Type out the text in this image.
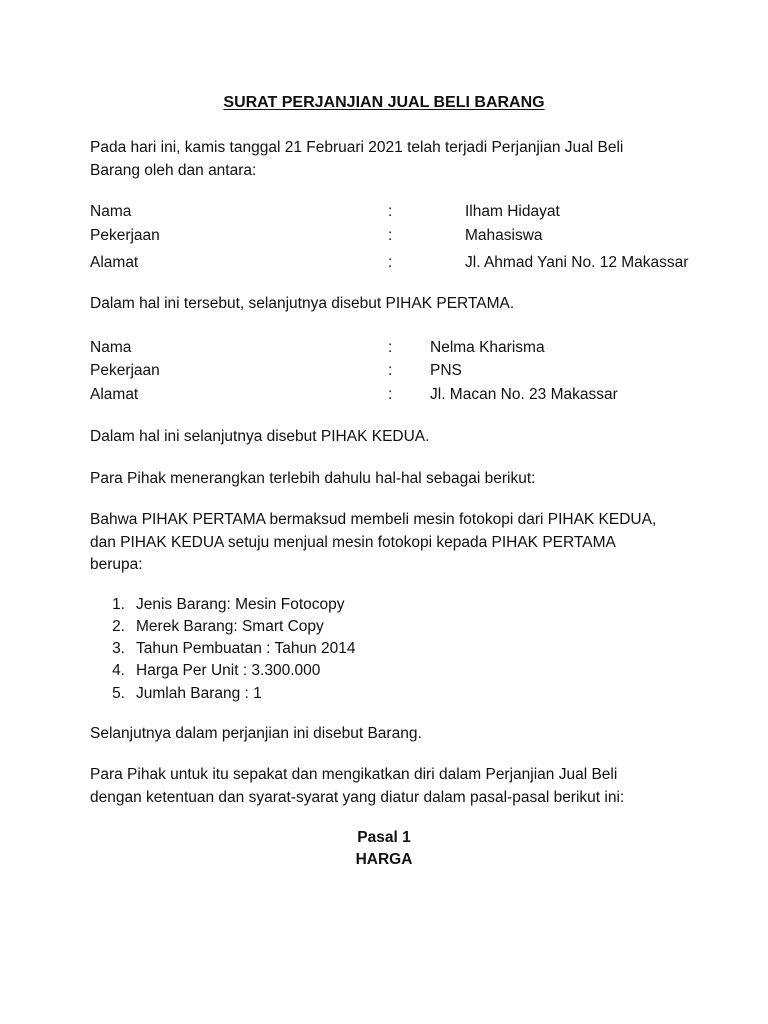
SURAT PERJANJIAN JUAL BELI BARANG
Pada hari ini, kamis tanggal 21 Februari 2021 telah terjadi Perjanjian Jual Beli
Barang oleh dan antara:
Nama	:	Ilham Hidayat
Pekerjaan	:	Mahasiswa
Alamat	:	Jl. Ahmad Yani No. 12 Makassar
Dalam hal ini tersebut, selanjutnya disebut PIHAK PERTAMA.
Nama	: Nelma Kharisma
Pekerjaan	: PNS
Alamat	: Jl. Macan No. 23 Makassar
Dalam hal ini selanjutnya disebut PIHAK KEDUA.
Para Pihak menerangkan terlebih dahulu hal-hal sebagai berikut:
Bahwa PIHAK PERTAMA bermaksud membeli mesin fotokopi dari PIHAK KEDUA,
dan PIHAK KEDUA setuju menjual mesin fotokopi kepada PIHAK PERTAMA
berupa:
1. Jenis Barang: Mesin Fotocopy
2. Merek Barang: Smart Copy
3. Tahun Pembuatan : Tahun 2014
4. Harga Per Unit : 3.300.000
5. Jumlah Barang : 1
Selanjutnya dalam perjanjian ini disebut Barang.
Para Pihak untuk itu sepakat dan mengikatkan diri dalam Perjanjian Jual Beli
dengan ketentuan dan syarat-syarat yang diatur dalam pasal-pasal berikut ini:
Pasal 1
HARGA
